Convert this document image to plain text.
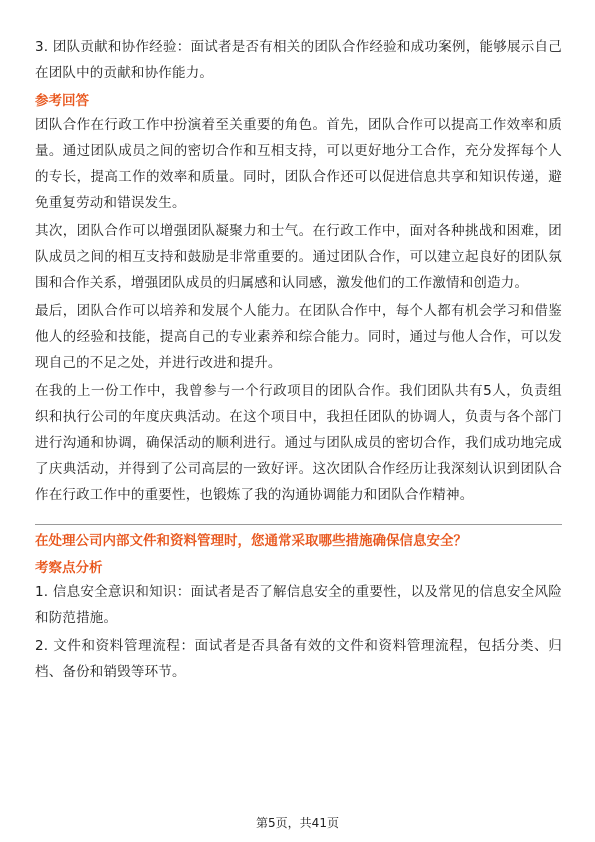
3. 团队贡献和协作经验：面试者是否有相关的团队合作经验和成功案例，能够展示自己在团队中的贡献和协作能力。

参考回答

团队合作在行政工作中扮演着至关重要的角色。首先，团队合作可以提高工作效率和质量。通过团队成员之间的密切合作和互相支持，可以更好地分工合作，充分发挥每个人的专长，提高工作的效率和质量。同时，团队合作还可以促进信息共享和知识传递，避免重复劳动和错误发生。

其次，团队合作可以增强团队凝聚力和士气。在行政工作中，面对各种挑战和困难，团队成员之间的相互支持和鼓励是非常重要的。通过团队合作，可以建立起良好的团队氛围和合作关系，增强团队成员的归属感和认同感，激发他们的工作激情和创造力。

最后，团队合作可以培养和发展个人能力。在团队合作中，每个人都有机会学习和借鉴他人的经验和技能，提高自己的专业素养和综合能力。同时，通过与他人合作，可以发现自己的不足之处，并进行改进和提升。

在我的上一份工作中，我曾参与一个行政项目的团队合作。我们团队共有5人，负责组织和执行公司的年度庆典活动。在这个项目中，我担任团队的协调人，负责与各个部门进行沟通和协调，确保活动的顺利进行。通过与团队成员的密切合作，我们成功地完成了庆典活动，并得到了公司高层的一致好评。这次团队合作经历让我深刻认识到团队合作在行政工作中的重要性，也锻炼了我的沟通协调能力和团队合作精神。

在处理公司内部文件和资料管理时，您通常采取哪些措施确保信息安全？
考察点分析

1. 信息安全意识和知识：面试者是否了解信息安全的重要性，以及常见的信息安全风险和防范措施。

2. 文件和资料管理流程：面试者是否具备有效的文件和资料管理流程，包括分类、归档、备份和销毁等环节。

第5页，共41页
